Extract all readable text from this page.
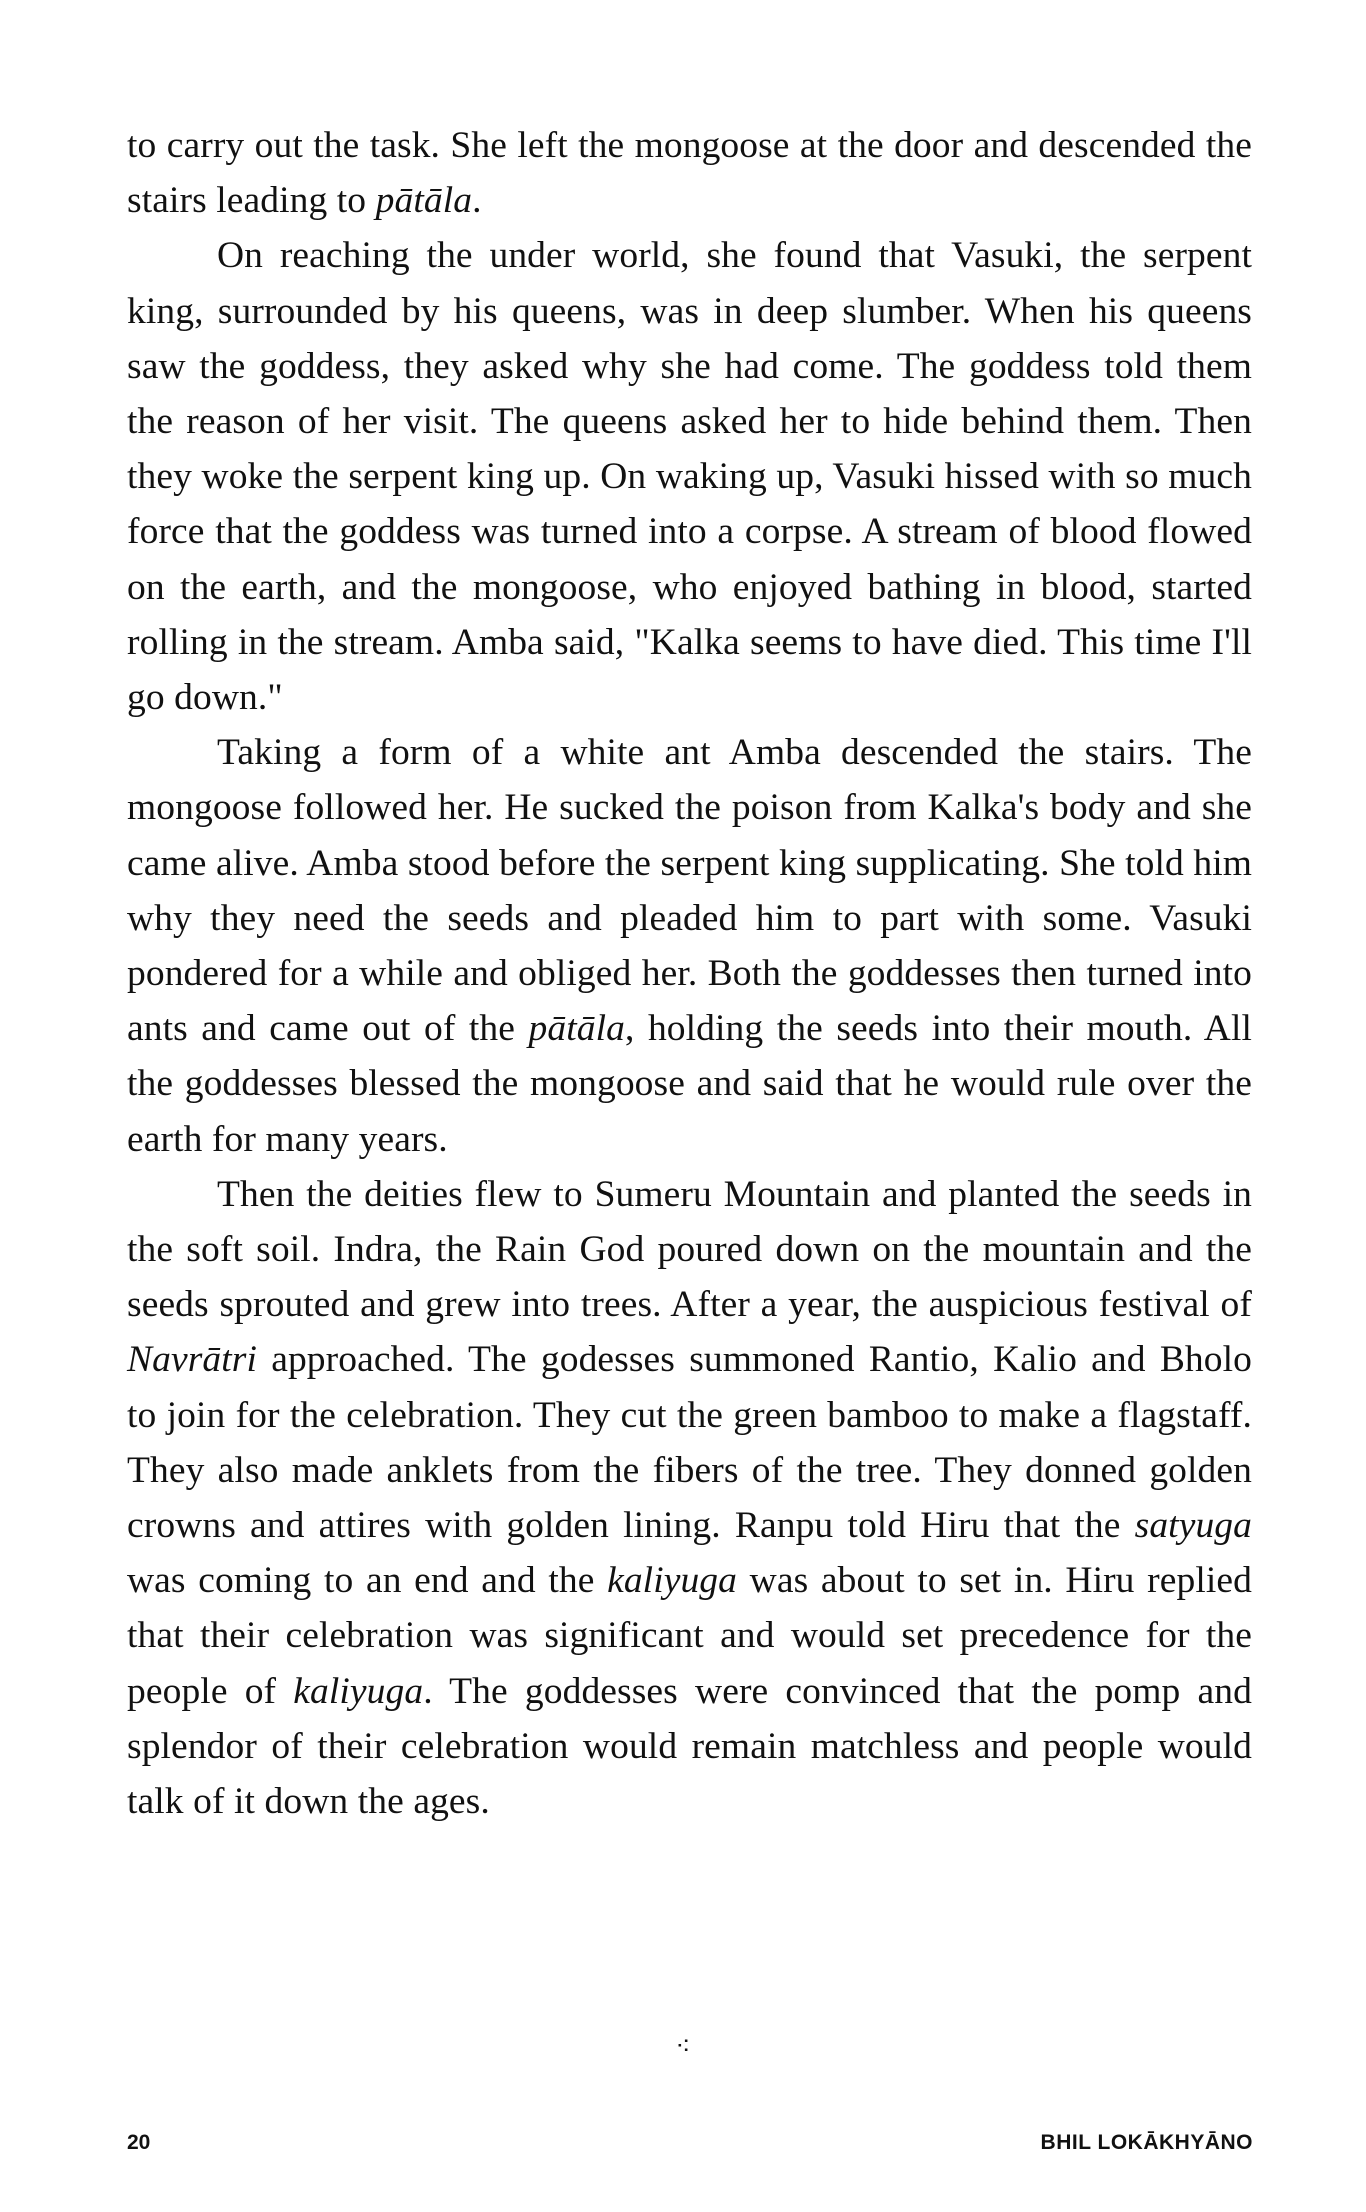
to carry out the task. She left the mongoose at the door and descended the stairs leading to pātāla.

On reaching the under world, she found that Vasuki, the serpent king, surrounded by his queens, was in deep slumber. When his queens saw the goddess, they asked why she had come. The goddess told them the reason of her visit. The queens asked her to hide behind them. Then they woke the serpent king up. On waking up, Vasuki hissed with so much force that the goddess was turned into a corpse. A stream of blood flowed on the earth, and the mongoose, who enjoyed bathing in blood, started rolling in the stream. Amba said, "Kalka seems to have died. This time I'll go down."

Taking a form of a white ant Amba descended the stairs. The mongoose followed her. He sucked the poison from Kalka's body and she came alive. Amba stood before the serpent king supplicating. She told him why they need the seeds and pleaded him to part with some. Vasuki pondered for a while and obliged her. Both the goddesses then turned into ants and came out of the pātāla, holding the seeds into their mouth. All the goddesses blessed the mongoose and said that he would rule over the earth for many years.

Then the deities flew to Sumeru Mountain and planted the seeds in the soft soil. Indra, the Rain God poured down on the mountain and the seeds sprouted and grew into trees. After a year, the auspicious festival of Navrātri approached. The godesses summoned Rantio, Kalio and Bholo to join for the celebration. They cut the green bamboo to make a flagstaff. They also made anklets from the fibers of the tree. They donned golden crowns and attires with golden lining. Ranpu told Hiru that the satyuga was coming to an end and the kaliyuga was about to set in. Hiru replied that their celebration was significant and would set precedence for the people of kaliyuga. The goddesses were convinced that the pomp and splendor of their celebration would remain matchless and people would talk of it down the ages.

⁖
20	BHIL LOKĀKHYĀNO
